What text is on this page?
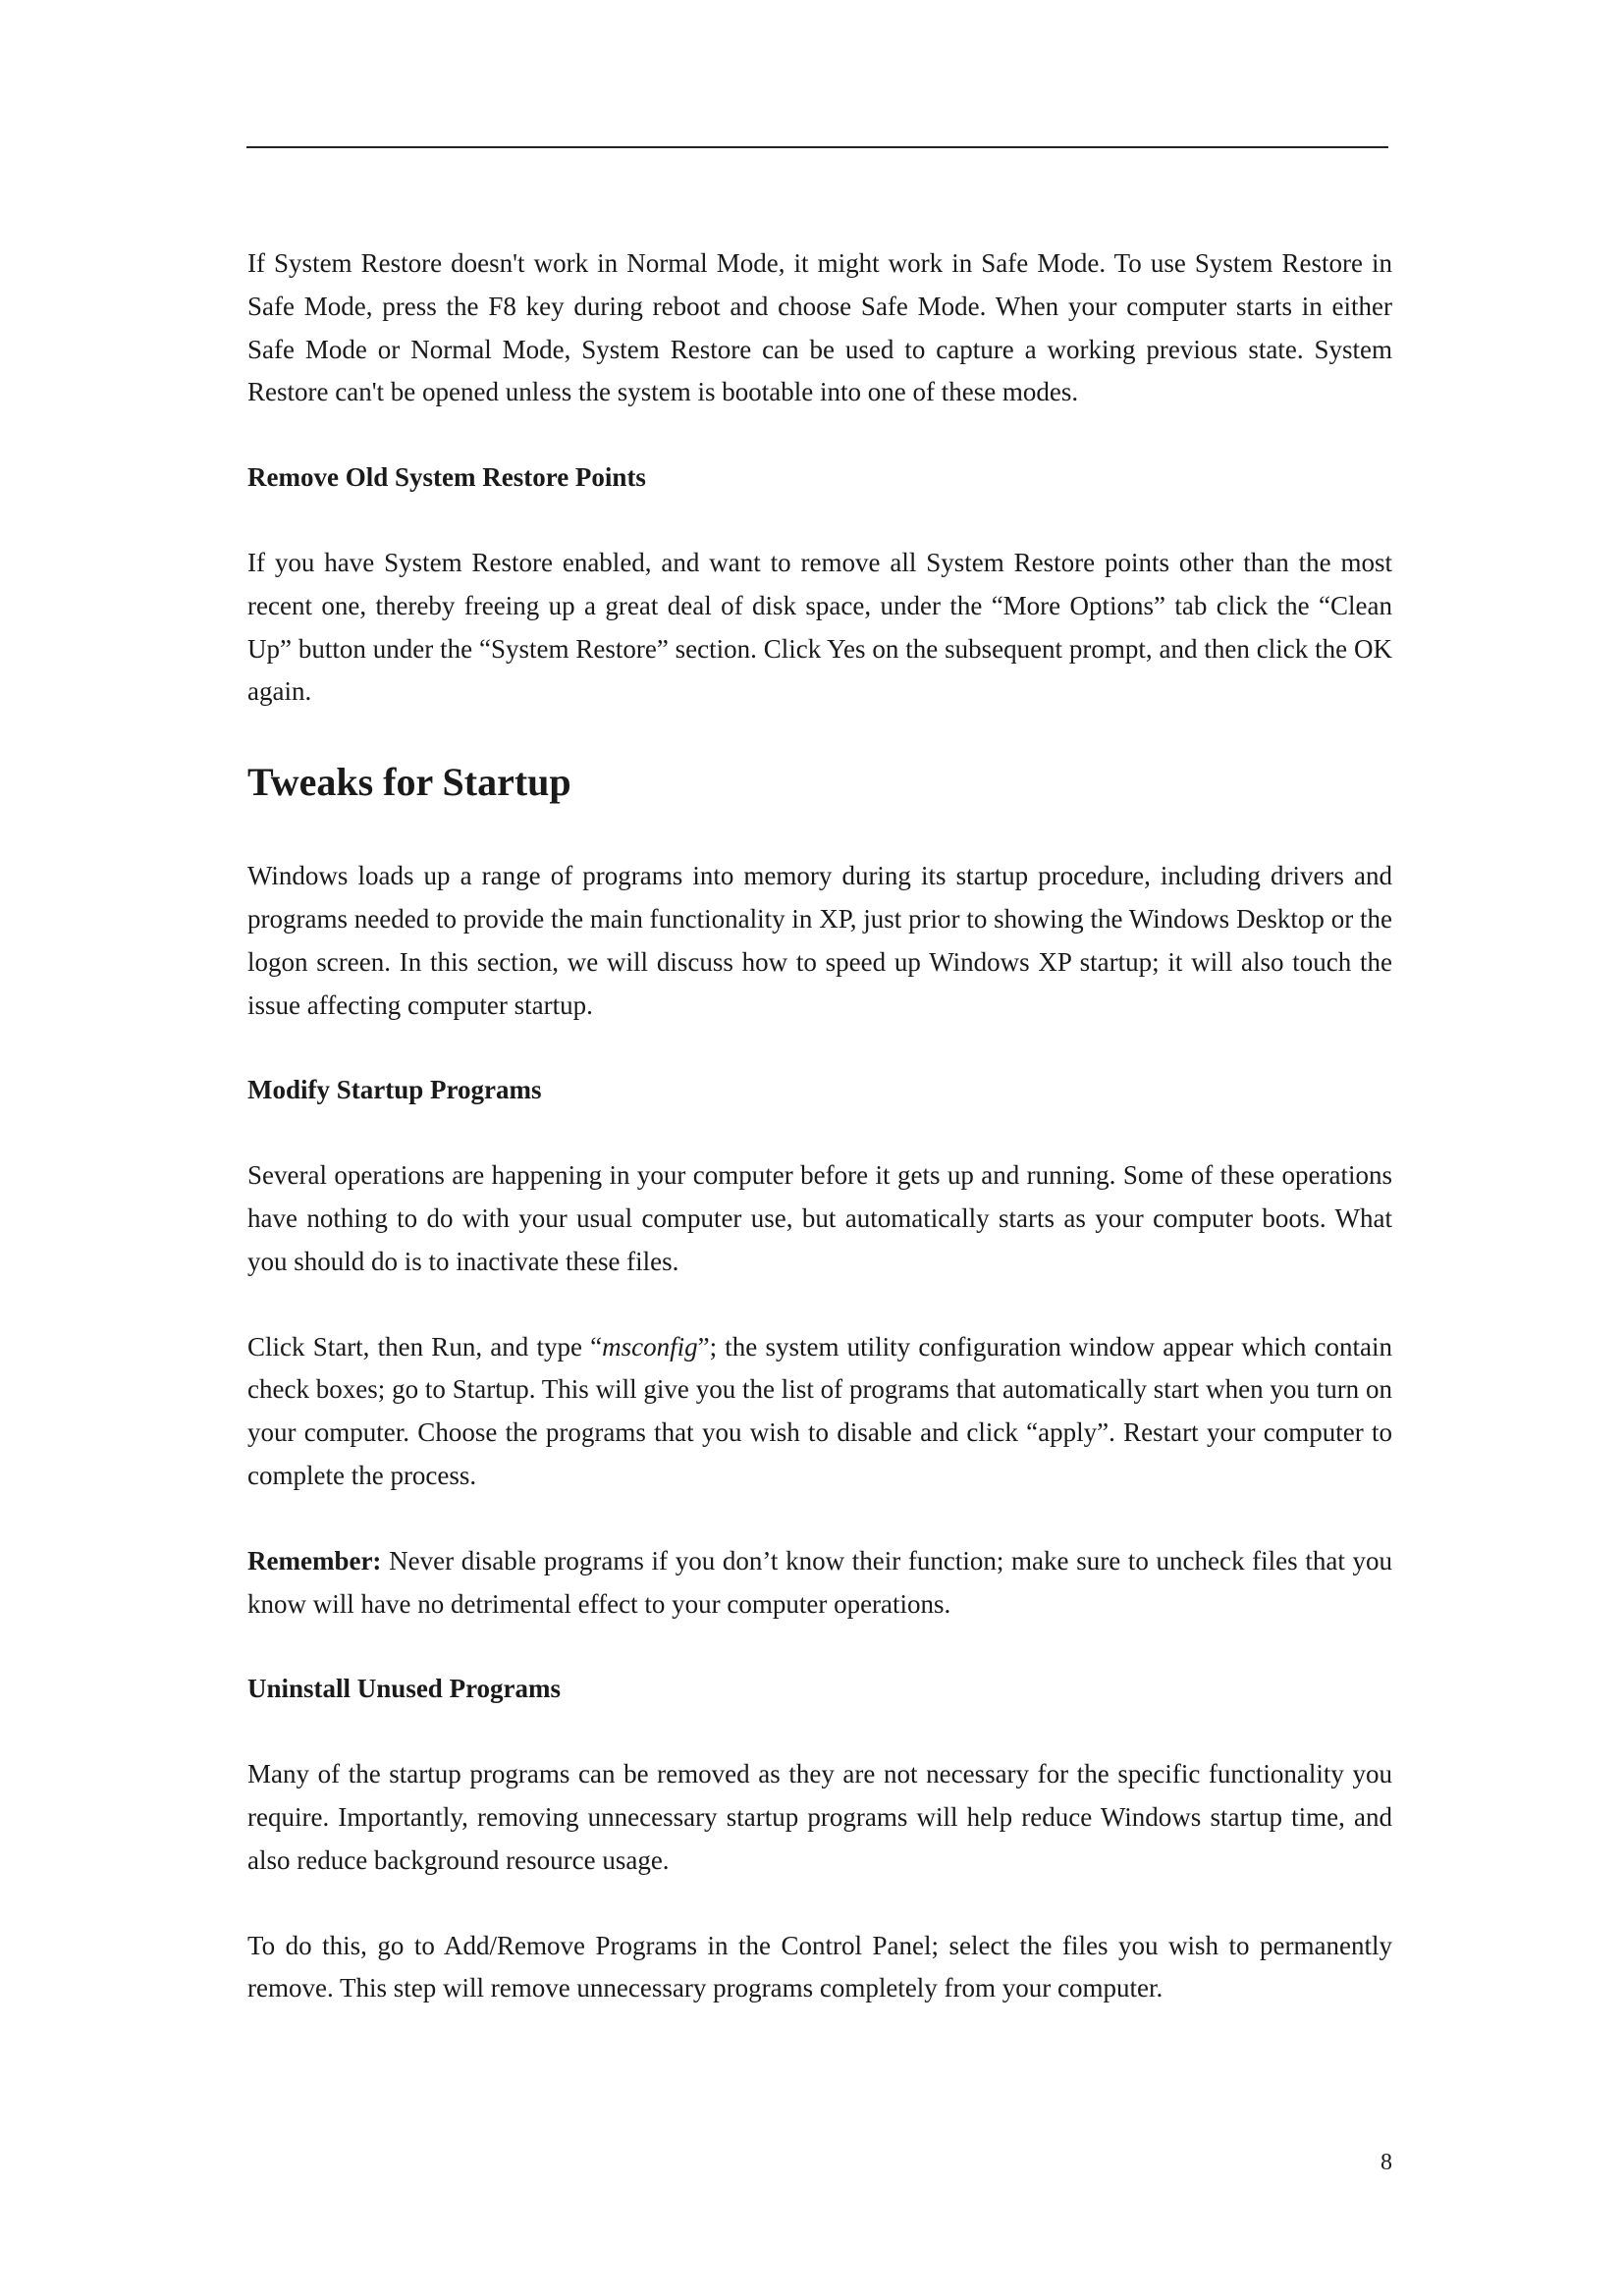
If System Restore doesn't work in Normal Mode, it might work in Safe Mode. To use System Restore in Safe Mode, press the F8 key during reboot and choose Safe Mode. When your computer starts in either Safe Mode or Normal Mode, System Restore can be used to capture a working previous state. System Restore can't be opened unless the system is bootable into one of these modes.

Remove Old System Restore Points

If you have System Restore enabled, and want to remove all System Restore points other than the most recent one, thereby freeing up a great deal of disk space, under the “More Options” tab click the “Clean Up” button under the “System Restore” section. Click Yes on the subsequent prompt, and then click the OK again.

Tweaks for Startup

Windows loads up a range of programs into memory during its startup procedure, including drivers and programs needed to provide the main functionality in XP, just prior to showing the Windows Desktop or the logon screen. In this section, we will discuss how to speed up Windows XP startup; it will also touch the issue affecting computer startup.

Modify Startup Programs

Several operations are happening in your computer before it gets up and running. Some of these operations have nothing to do with your usual computer use, but automatically starts as your computer boots. What you should do is to inactivate these files.

Click Start, then Run, and type “msconfig”; the system utility configuration window appear which contain check boxes; go to Startup. This will give you the list of programs that automatically start when you turn on your computer. Choose the programs that you wish to disable and click “apply”. Restart your computer to complete the process.

Remember: Never disable programs if you don’t know their function; make sure to uncheck files that you know will have no detrimental effect to your computer operations.

Uninstall Unused Programs

Many of the startup programs can be removed as they are not necessary for the specific functionality you require. Importantly, removing unnecessary startup programs will help reduce Windows startup time, and also reduce background resource usage.

To do this, go to Add/Remove Programs in the Control Panel; select the files you wish to permanently remove. This step will remove unnecessary programs completely from your computer.

8
